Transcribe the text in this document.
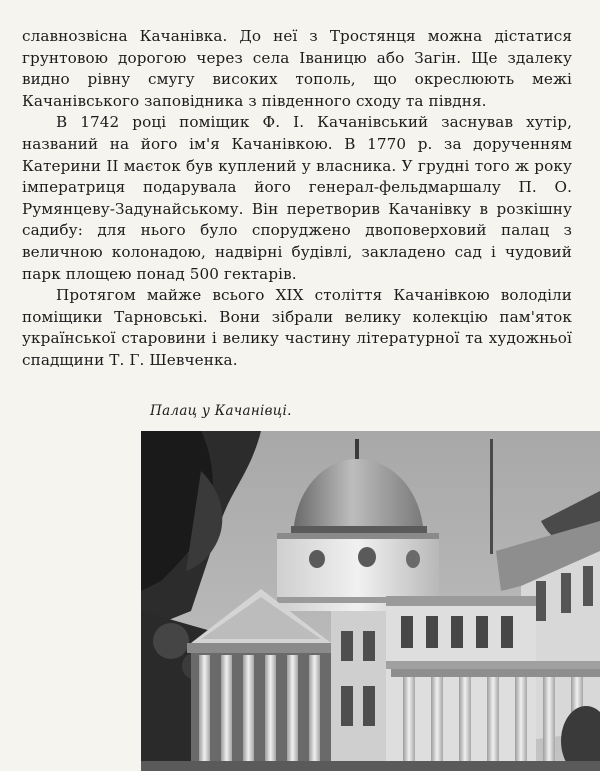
славнозвісна Качанівка. До неї з Тростянця можна дістатися грунтовою дорогою через села Іваницю або Загін. Ще здалеку видно рівну смугу високих тополь, що окреслюють межі Качанівського заповідника з південного сходу та півдня.

В 1742 році поміщик Ф. І. Качанівський заснував хутір, названий на його ім'я Качанівкою. В 1770 р. за дорученням Катерини II маєток був куплений у власника. У грудні того ж року імператриця подарувала його генерал-фельдмаршалу П. О. Румянцеву-Задунайському. Він перетворив Качанівку в розкішну садибу: для нього було споруджено двоповерховий палац з величною колонадою, надвірні будівлі, закладено сад і чудовий парк площею понад 500 гектарів.

Протягом майже всього XIX століття Качанівкою володіли поміщики Тарновські. Вони зібрали велику колекцію пам'яток української старовини і велику частину літературної та художньої спадщини Т. Г. Шевченка.

Палац у Качанівці.
